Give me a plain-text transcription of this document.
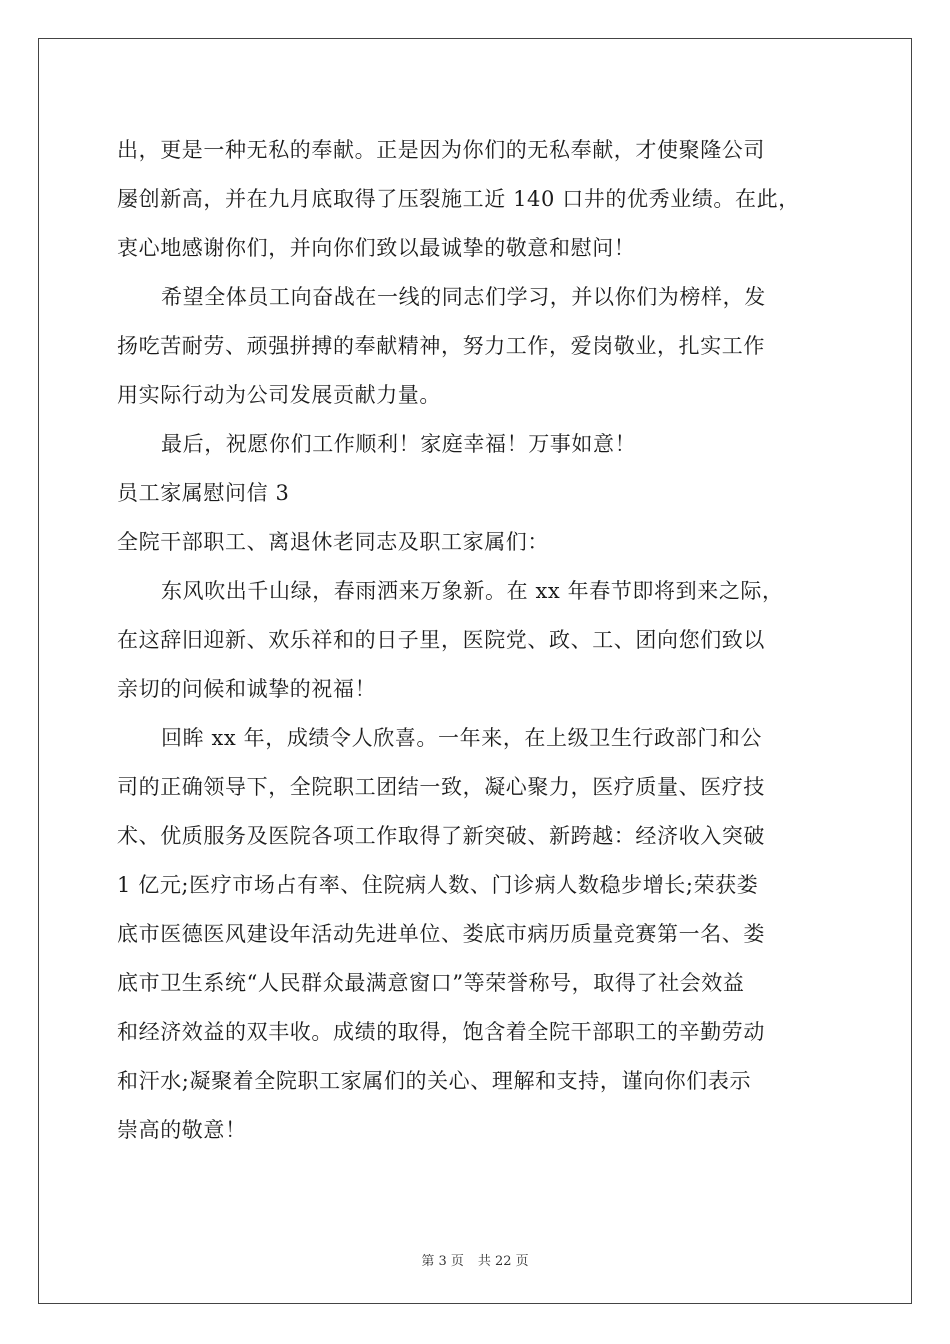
出，更是一种无私的奉献。正是因为你们的无私奉献，才使聚隆公司
屡创新高，并在九月底取得了压裂施工近 140 口井的优秀业绩。在此，
衷心地感谢你们，并向你们致以最诚挚的敬意和慰问！
希望全体员工向奋战在一线的同志们学习，并以你们为榜样，发
扬吃苦耐劳、顽强拼搏的奉献精神，努力工作，爱岗敬业，扎实工作
用实际行动为公司发展贡献力量。
最后，祝愿你们工作顺利！家庭幸福！万事如意！
员工家属慰问信 3
全院干部职工、离退休老同志及职工家属们：
东风吹出千山绿，春雨洒来万象新。在 xx 年春节即将到来之际，
在这辞旧迎新、欢乐祥和的日子里，医院党、政、工、团向您们致以
亲切的问候和诚挚的祝福！
回眸 xx 年，成绩令人欣喜。一年来，在上级卫生行政部门和公
司的正确领导下，全院职工团结一致，凝心聚力，医疗质量、医疗技
术、优质服务及医院各项工作取得了新突破、新跨越：经济收入突破
1 亿元;医疗市场占有率、住院病人数、门诊病人数稳步增长;荣获娄
底市医德医风建设年活动先进单位、娄底市病历质量竞赛第一名、娄
底市卫生系统“人民群众最满意窗口”等荣誉称号，取得了社会效益
和经济效益的双丰收。成绩的取得，饱含着全院干部职工的辛勤劳动
和汗水;凝聚着全院职工家属们的关心、理解和支持，谨向你们表示
崇高的敬意！
第 3 页 共 22 页
